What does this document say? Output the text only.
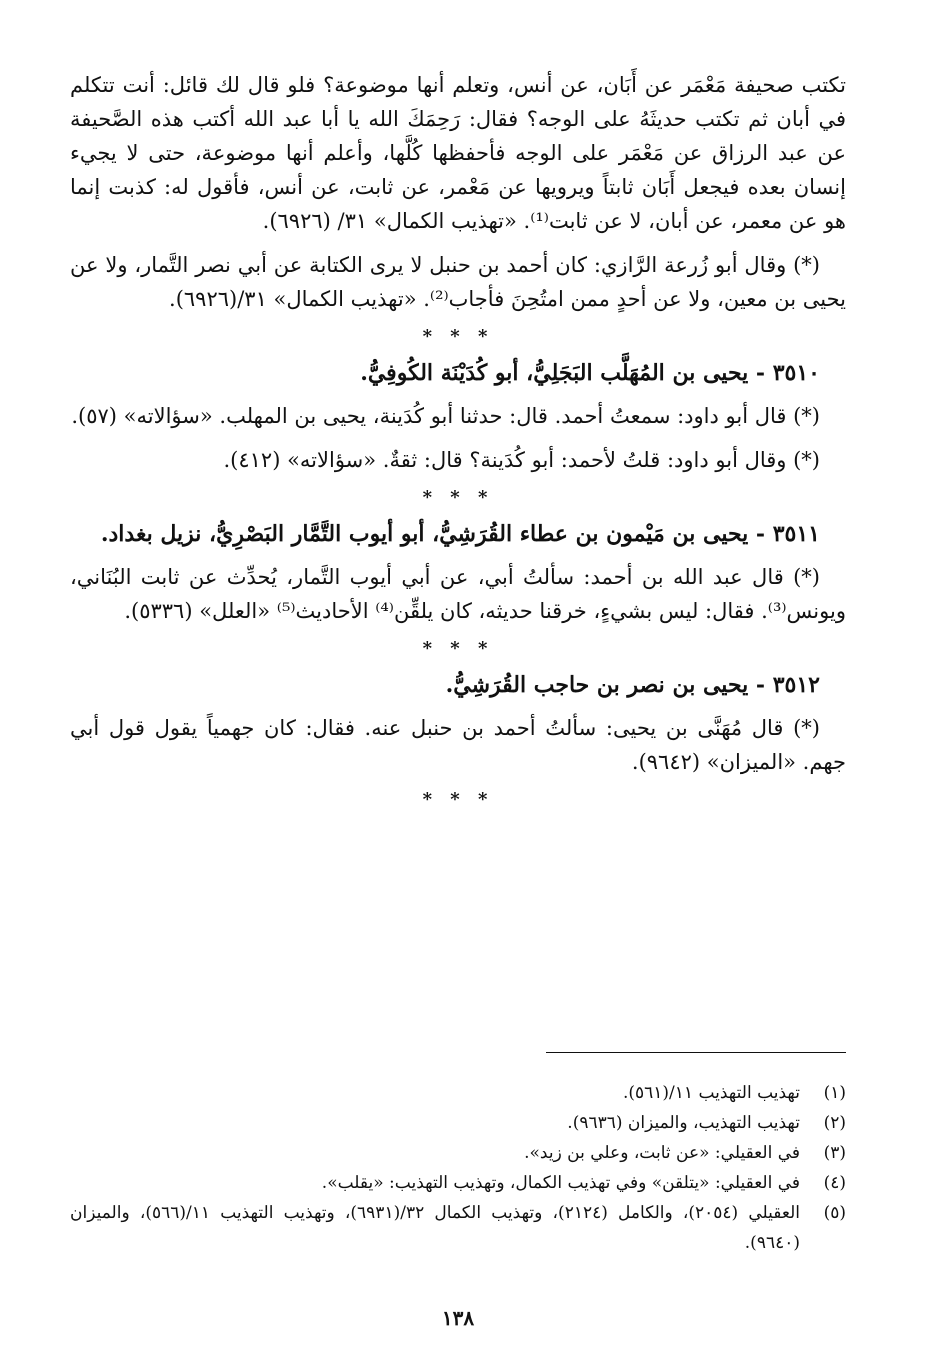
تكتب صحيفة مَعْمَر عن أَبَان، عن أنس، وتعلم أنها موضوعة؟ فلو قال لك قائل: أنت تتكلم في أبان ثم تكتب حديثَهُ على الوجه؟ فقال: رَحِمَكَ الله يا أبا عبد الله أكتب هذه الصَّحيفة عن عبد الرزاق عن مَعْمَر على الوجه فأحفظها كُلَّها، وأعلم أنها موضوعة، حتى لا يجيء إنسان بعده فيجعل أَبَان ثابتاً ويرويها عن مَعْمر، عن ثابت، عن أنس، فأقول له: كذبت إنما هو عن معمر، عن أبان، لا عن ثابت⁽¹⁾. «تهذيب الكمال» ٣١/ (٦٩٢٦).

(*) وقال أبو زُرعة الرَّازي: كان أحمد بن حنبل لا يرى الكتابة عن أبي نصر التَّمار، ولا عن يحيى بن معين، ولا عن أحدٍ ممن امتُحِنَ فأجاب⁽²⁾. «تهذيب الكمال» ٣١/(٦٩٢٦).

* * *
٣٥١٠ - يحيى بن المُهَلَّب البَجَلِيُّ، أبو كُدَيْنَة الكُوفِيُّ.

(*) قال أبو داود: سمعتُ أحمد. قال: حدثنا أبو كُدَينة، يحيى بن المهلب. «سؤالاته» (٥٧).

(*) وقال أبو داود: قلتُ لأحمد: أبو كُدَينة؟ قال: ثقةٌ. «سؤالاته» (٤١٢).

* * *
٣٥١١ - يحيى بن مَيْمون بن عطاء القُرَشِيُّ، أبو أيوب التَّمَّار البَصْرِيُّ، نزيل بغداد.

(*) قال عبد الله بن أحمد: سألتُ أبي، عن أبي أيوب التَّمار، يُحدِّث عن ثابت البُنَاني، ويونس⁽³⁾. فقال: ليس بشيءٍ، خرقنا حديثه، كان يلقِّن⁽⁴⁾ الأحاديث⁽⁵⁾ «العلل» (٥٣٣٦).

* * *
٣٥١٢ - يحيى بن نصر بن حاجب القُرَشِيُّ.

(*) قال مُهَنَّى بن يحيى: سألتُ أحمد بن حنبل عنه. فقال: كان جهمياً يقول قول أبي جهم. «الميزان» (٩٦٤٢).

* * *
(١)
تهذيب التهذيب ١١/(٥٦١).
(٢)
تهذيب التهذيب، والميزان (٩٦٣٦).
(٣)
في العقيلي: «عن ثابت، وعلي بن زيد».
(٤)
في العقيلي: «يتلقن» وفي تهذيب الكمال، وتهذيب التهذيب: «يقلب».
(٥)
العقيلي (٢٠٥٤)، والكامل (٢١٢٤)، وتهذيب الكمال ٣٢/(٦٩٣١)، وتهذيب التهذيب ١١/(٥٦٦)، والميزان (٩٦٤٠).
١٣٨
